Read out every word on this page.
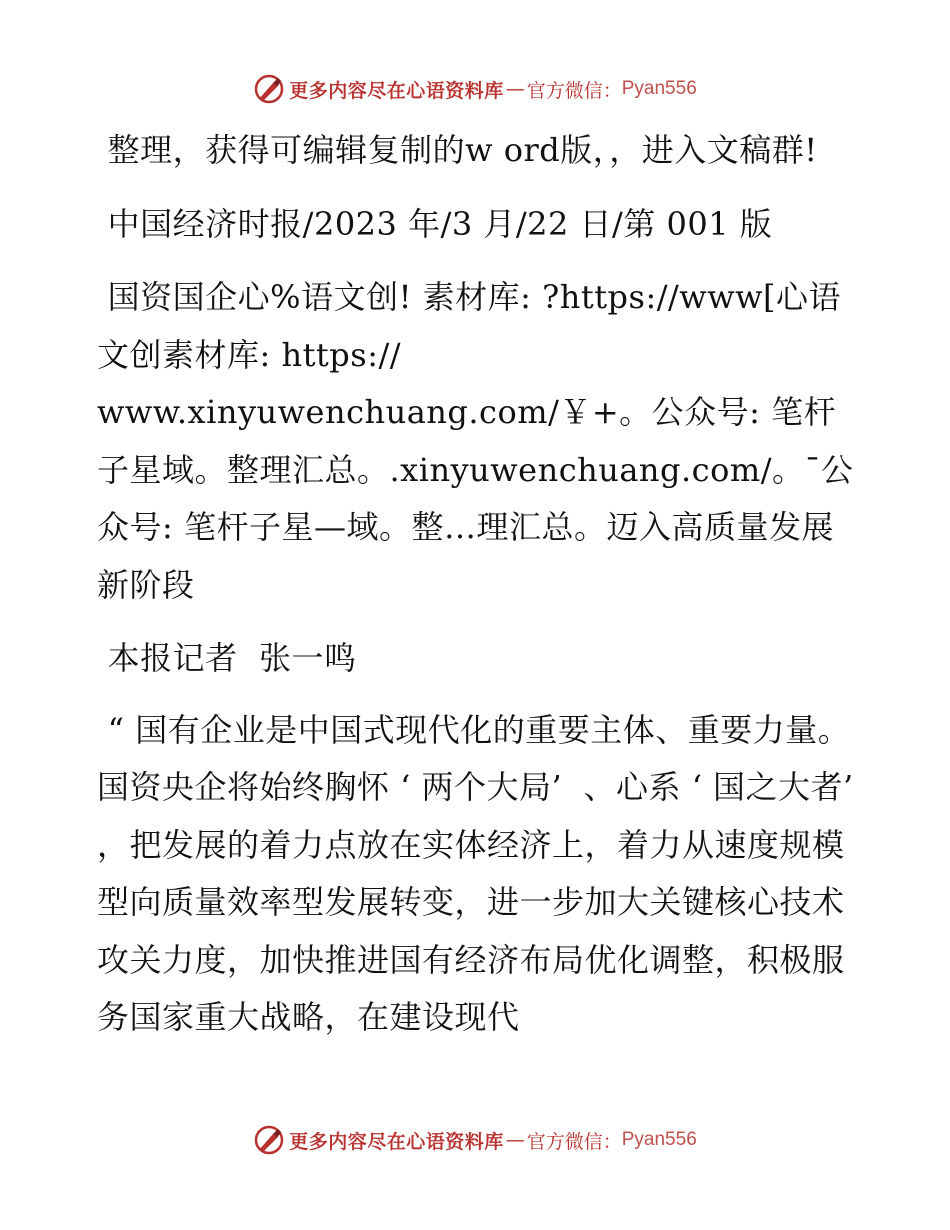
更多内容尽在心语资料库 — 官方微信： Pyan556

整理，获得可编辑复制的w ord版，，进入文稿群!

中国经济时报/2023 年/3 月/22 日/第 001 版

国资国企心%语文创! 素材库: ?https://www[心语文创素材库: https://
www.xinyuwenchuang.com/￥+。公众号: 笔杆子星域。整理汇总。.xinyuwenchuang.com/。¯公众号: 笔杆子星—域。整…理汇总。迈入高质量发展新阶段

本报记者  张一鸣

“ 国有企业是中国式现代化的重要主体、重要力量。国资央企将始终胸怀 ‘ 两个大局’  、心系 ‘ 国之大者’  ，把发展的着力点放在实体经济上，着力从速度规模型向质量效率型发展转变，进一步加大关键核心技术攻关力度，加快推进国有经济布局优化调整，积极服务国家重大战略，在建设现代

更多内容尽在心语资料库 — 官方微信： Pyan556
